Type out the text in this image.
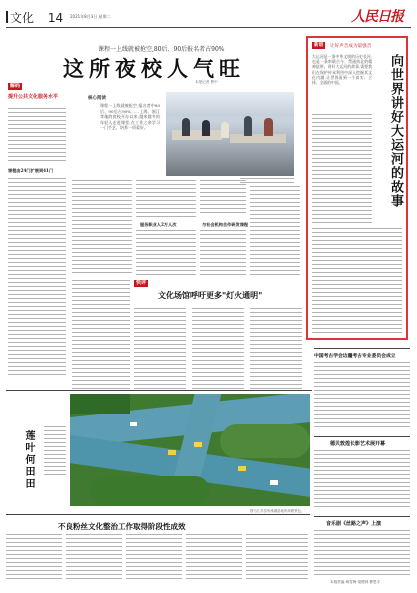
文化 14 2021年8月3日 星期二	人民日报
课程一上线就被抢空,80后、90后报名者占90%
这所夜校人气旺
本报记者 曹中
解码
提升公共文化服务水平
课程由24门扩展到41门
核心阅读
课程一上线就被抢空,报名者中80后、90后占90%……上海、浙江等地的夜校开办以来,越来越多的年轻人走进课堂,在工作之余学习一门手艺、培养一项爱好。
服务职业人2万人次	与社会机构合作研发课程
快评
文化场馆呼吁更多"灯火通明"
新语	让好声音成为最强音
大运河是一条中华文明的历史长河,也是一条串联古今、贯通南北的精神纽带。讲好大运河的故事,需要我们在保护传承利用中深入挖掘其文化内涵,让世界看到一个真实、立体、全面的中国。	向世界讲好大运河的故事
莲叶何田田
图为江苏泰州溱湖湿地的荷塘景色。
中国考古学会边疆考古专业委员会成立
德贝敦煌长影艺术展开幕
音乐剧《丝路之声》上演
不良粉丝文化整治工作取得阶段性成效
本版责编:杨雪梅 梁俊林 曹思宇
